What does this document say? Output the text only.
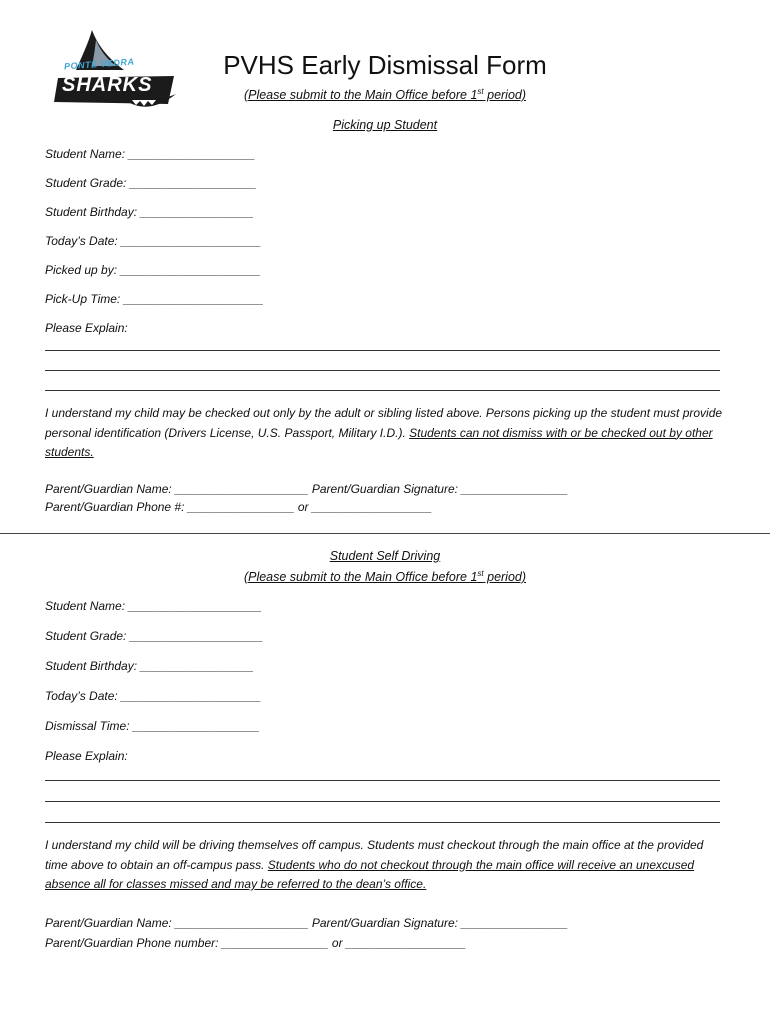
PONTE VEDRA
SHARKS
PVHS Early Dismissal Form
(Please submit to the Main Office before 1st period)
Picking up Student
Student Name: ___________________
Student Grade: ___________________
Student Birthday: _________________
Today’s Date: _____________________
Picked up by: _____________________
Pick-Up Time: _____________________
Please Explain:
I understand my child may be checked out only by the adult or sibling listed above. Persons picking up the student must provide personal identification (Drivers License, U.S. Passport, Military I.D.). Students can not dismiss with or be checked out by other students.
Parent/Guardian Name: ____________________ Parent/Guardian Signature: ________________
Parent/Guardian Phone #: ________________ or __________________
Student Self Driving
(Please submit to the Main Office before 1st period)
Student Name: ____________________
Student Grade: ____________________
Student Birthday: _________________
Today’s Date: _____________________
Dismissal Time: ___________________
Please Explain:
I understand my child will be driving themselves off campus. Students must checkout through the main office at the provided time above to obtain an off-campus pass. Students who do not checkout through the main office will receive an unexcused absence all for classes missed and may be referred to the dean’s office.
Parent/Guardian Name: ____________________ Parent/Guardian Signature: ________________
Parent/Guardian Phone number: ________________ or __________________
